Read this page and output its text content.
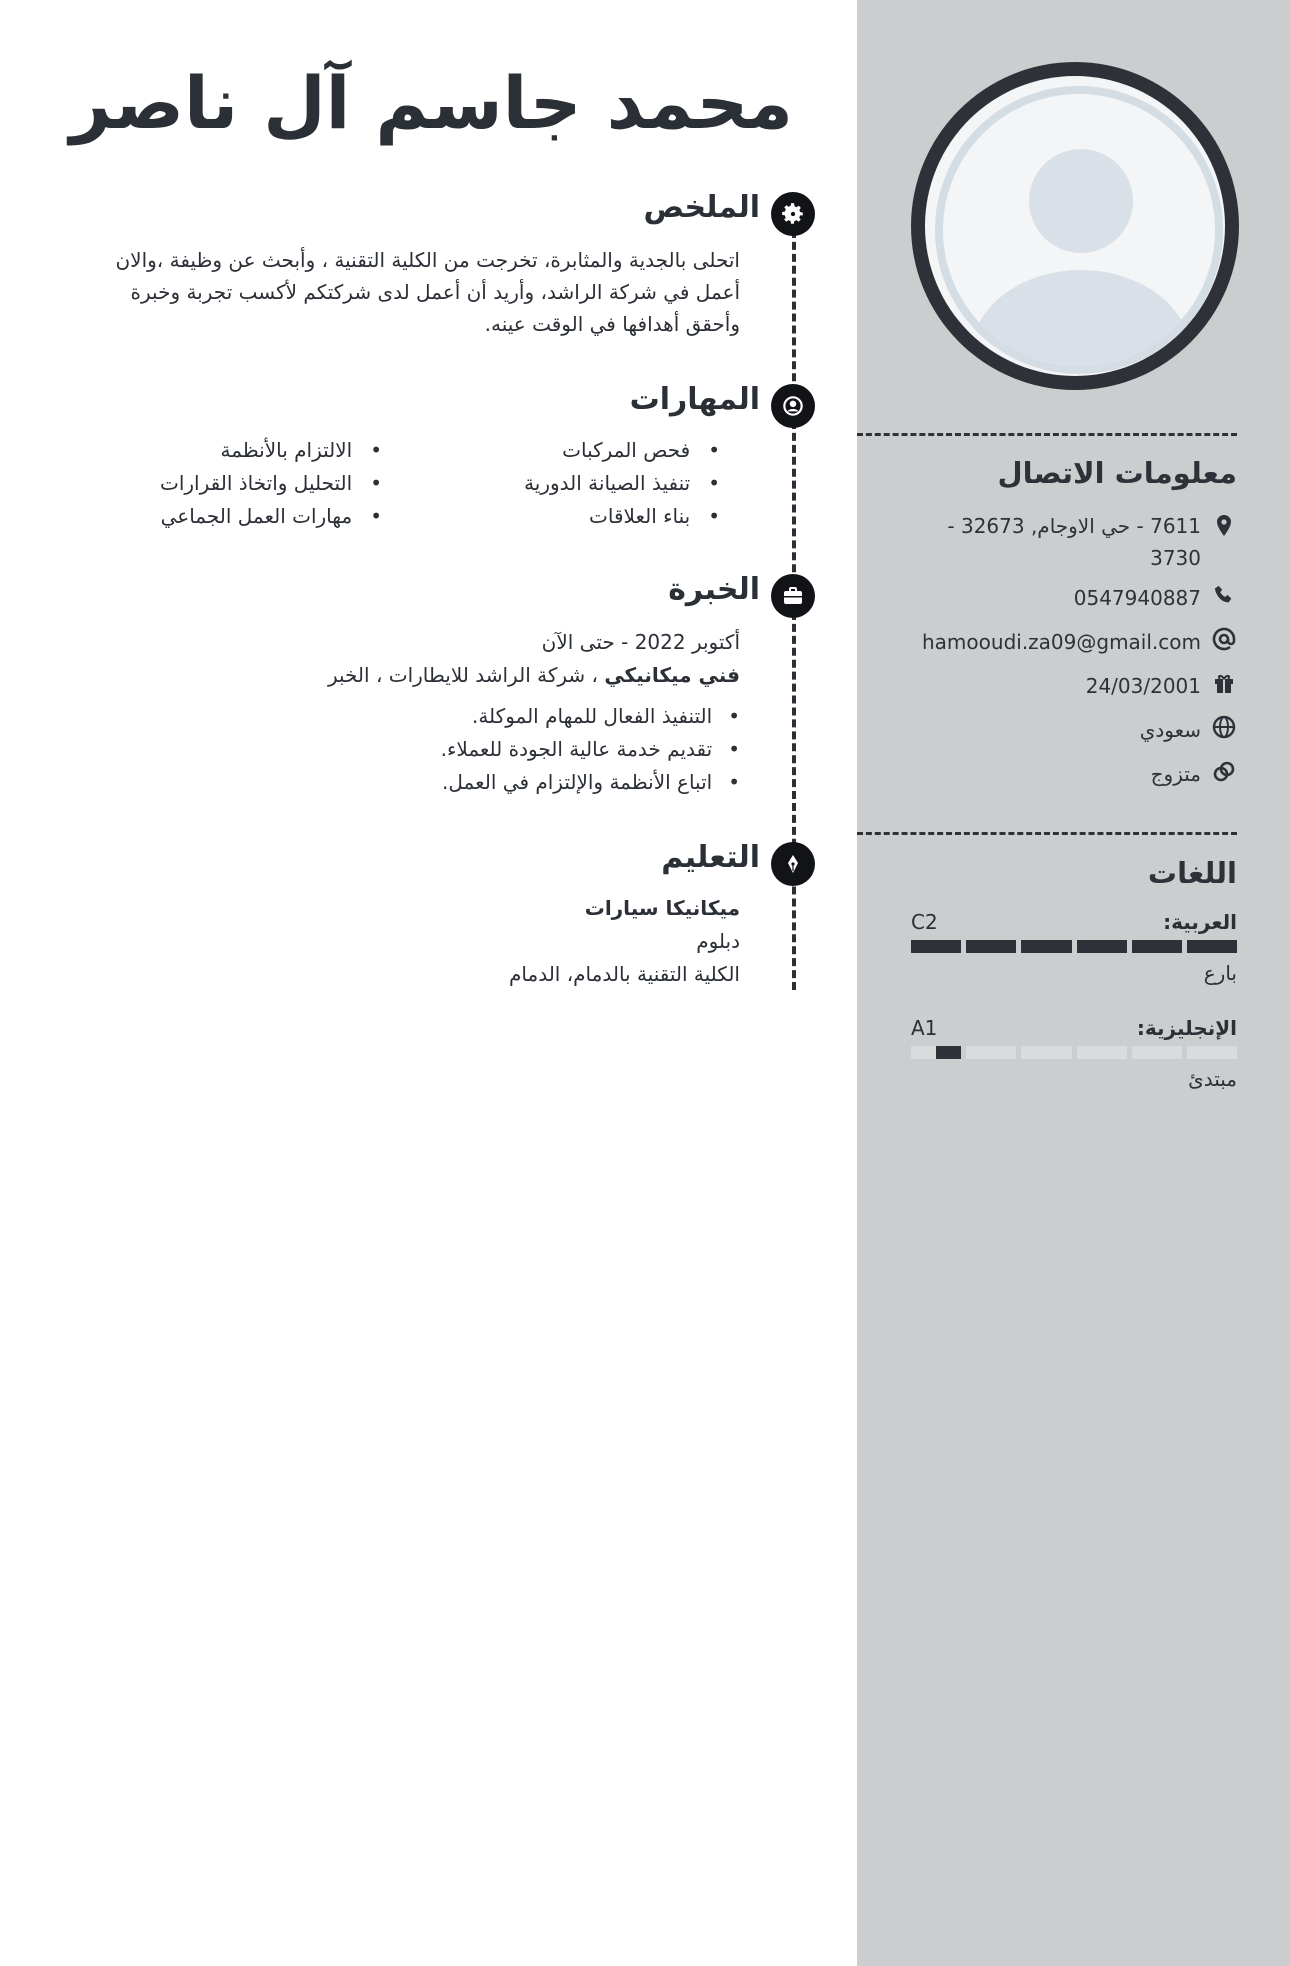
محمد جاسم آل ناصر
الملخص
اتحلى بالجدية والمثابرة، تخرجت من الكلية التقنية ، وأبحث عن وظيفة ،والان أعمل في شركة الراشد، وأريد أن أعمل لدى شركتكم لأكسب تجربة وخبرة وأحقق أهدافها في الوقت عينه.
المهارات
• فحص المركبات
• تنفيذ الصيانة الدورية
• بناء العلاقات
• الالتزام بالأنظمة
• التحليل واتخاذ القرارات
• مهارات العمل الجماعي
الخبرة
أكتوبر 2022 - حتى الآن
فني ميكانيكي ، شركة الراشد للايطارات ، الخبر
• التنفيذ الفعال للمهام الموكلة.
• تقديم خدمة عالية الجودة للعملاء.
• اتباع الأنظمة والإلتزام في العمل.
التعليم
ميكانيكا سيارات
دبلوم
الكلية التقنية بالدمام، الدمام
معلومات الاتصال
7611 - حي الاوجام, 32673 - 3730
0547940887
hamooudi.za09@gmail.com
24/03/2001
سعودي
متزوج
اللغات
العربية:
C2
بارع
الإنجليزية:
A1
مبتدئ
